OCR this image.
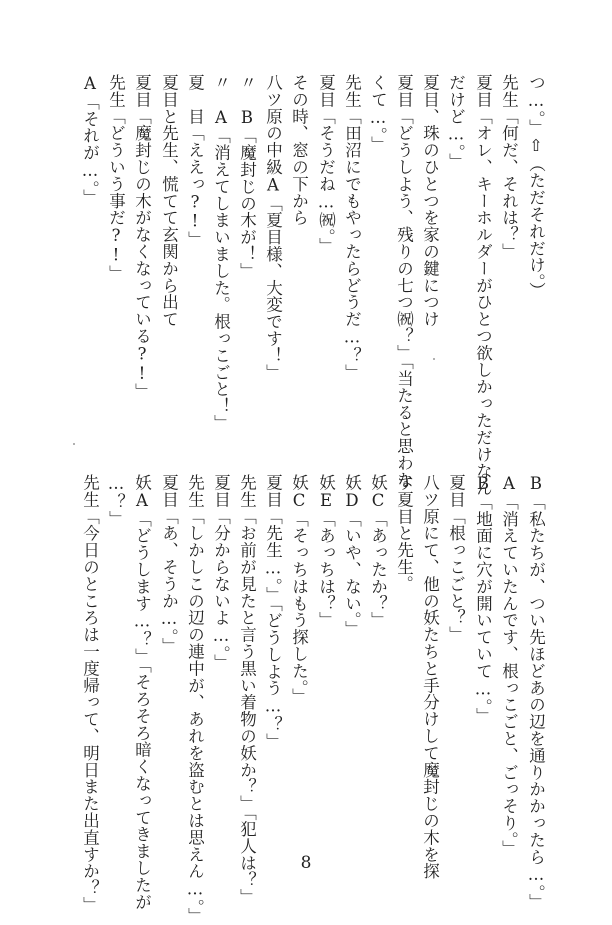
つ…。」⇧（ただそれだけ。）
先生「何だ、それは？」
夏目「オレ、キーホルダーがひとつ欲しかっただけなん
だけど…。」
夏目、珠のひとつを家の鍵につけ
夏目「どうしよう、残りの七つ㈷？」「当たると思わな
くて…。」
先生「田沼にでもやったらどうだ…？」
夏目「そうだね…㈷。」
その時、窓の下から
八ツ原の中級A「夏目様、大変です！」
〃　B「魔封じの木が！」
〃　A「消えてしまいました。根っこごと！」
夏　目「ええっ?!」
夏目と先生、慌てて玄関から出て
夏目「魔封じの木がなくなっている?!」
先生「どういう事だ?!」
A「それが…。」
B「私たちが、つい先ほどあの辺を通りかかったら…。」
A「消えていたんです、根っこごと、ごっそり。」
B「地面に穴が開いていて…。」
夏目「根っこごと？」
八ツ原にて、他の妖たちと手分けして魔封じの木を探
す夏目と先生。
妖C「あったか？」
妖D「いや、ない。」
妖E「あっちは？」
妖C「そっちはもう探した。」
夏目「先生…。」「どうしよう…？」
先生「お前が見たと言う黒い着物の妖か？」「犯人は？」
夏目「分からないよ…。」
先生「しかしこの辺の連中が、あれを盗むとは思えん…。」
夏目「あ、そうか…。」
妖A「どうします…？」「そろそろ暗くなってきましたが
…？」
先生「今日のところは一度帰って、明日また出直すか？」	8
